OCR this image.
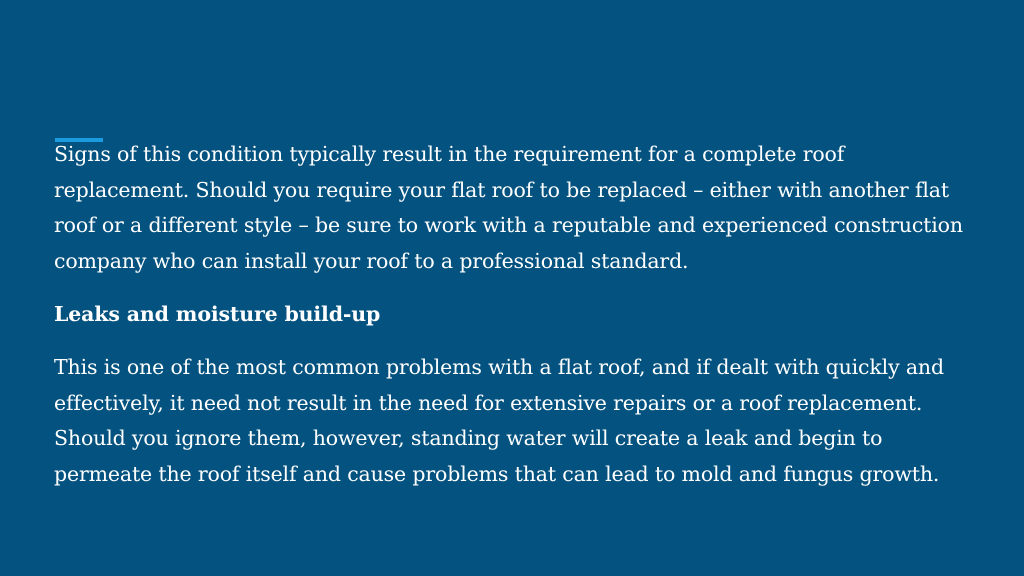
Signs of this condition typically result in the requirement for a complete roof replacement. Should you require your flat roof to be replaced – either with another flat roof or a different style – be sure to work with a reputable and experienced construction company who can install your roof to a professional standard.

Leaks and moisture build-up

This is one of the most common problems with a flat roof, and if dealt with quickly and effectively, it need not result in the need for extensive repairs or a roof replacement. Should you ignore them, however, standing water will create a leak and begin to permeate the roof itself and cause problems that can lead to mold and fungus growth.
